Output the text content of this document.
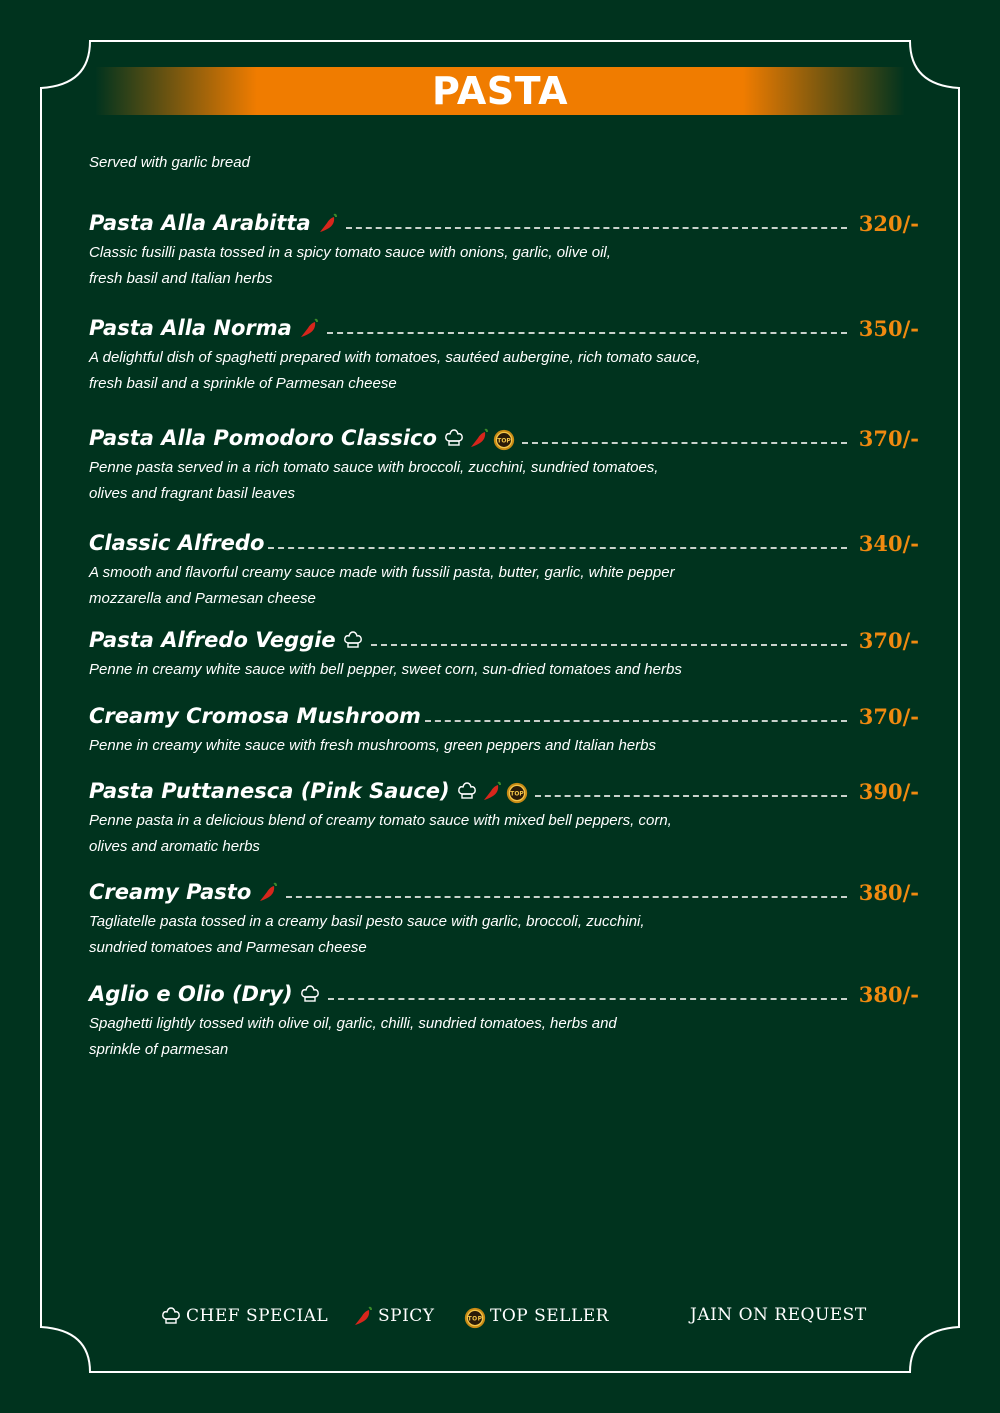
PASTA
Served with garlic bread
Pasta Alla Arabitta	320/-
Classic fusilli pasta tossed in a spicy tomato sauce with onions, garlic, olive oil,
fresh basil and Italian herbs
Pasta Alla Norma	350/-
A delightful dish of spaghetti prepared with tomatoes, sautéed aubergine, rich tomato sauce,
fresh basil and a sprinkle of Parmesan cheese
Pasta Alla Pomodoro Classico	TOP	370/-
Penne pasta served in a rich tomato sauce with broccoli, zucchini, sundried tomatoes,
olives and fragrant basil leaves
Classic Alfredo	340/-
A smooth and flavorful creamy sauce made with fussili pasta, butter, garlic, white pepper
mozzarella and Parmesan cheese
Pasta Alfredo Veggie	370/-
Penne in creamy white sauce with bell pepper, sweet corn, sun-dried tomatoes and herbs
Creamy Cromosa Mushroom	370/-
Penne in creamy white sauce with fresh mushrooms, green peppers and Italian herbs
Pasta Puttanesca (Pink Sauce)	TOP	390/-
Penne pasta in a delicious blend of creamy tomato sauce with mixed bell peppers, corn,
olives and aromatic herbs
Creamy Pasto	380/-
Tagliatelle pasta tossed in a creamy basil pesto sauce with garlic, broccoli, zucchini,
sundried tomatoes and Parmesan cheese
Aglio e Olio (Dry)	380/-
Spaghetti lightly tossed with olive oil, garlic, chilli, sundried tomatoes, herbs and
sprinkle of parmesan
CHEF SPECIAL	SPICY	TOP TOP SELLER	JAIN ON REQUEST
